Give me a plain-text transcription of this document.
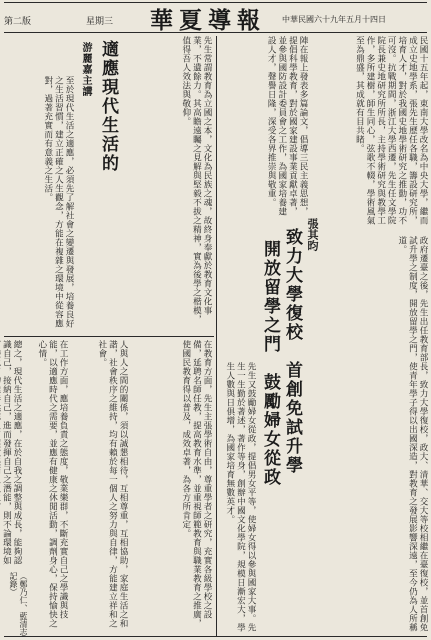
第二版	星期三 華夏導報 中華民國六十九年五月十四日
致力大學復校　首創免試升學
開放留學之門　鼓勵婦女從政
張其昀
民國十五年起，東南大學改名為中央大學，繼而成立史地學系，張先生歷任各職，籌設研究所，培育人才，對於我國史地學術研究之推動，功不可沒。抗戰期間，浙江大學西遷，先生任文學院院長兼史地研究所所長，主持學術研究與教學工作，多所建樹，師生同心，弦歌不輟，學術風氣至為鼎盛，其成就有目共睹。
陣在報上發表多篇論文，倡導三民主義思想，提倡科學教育，對於國家建設事業貢獻卓著，並參與國防設計委員會之工作，為國家培養建設人才，聲譽日隆，深受各界推崇與敬重。
政府遷臺之後，先生出任教育部長，致力大學復校，政大、清華、交大等校相繼在臺復校，並首創免試升學之制度，開放留學之門，使青年學子得以出國深造，對教育之發展影響深遠，至今仍為人所稱道。
先生又鼓勵婦女從政，提倡男女平等，使婦女得以參與國家大事。先生一生勤於著述，著作等身，創辦中國文化學院，規模日漸宏大，學生人數與日俱增，為國家培育無數英才。
在教育方面，先生主張學術自由，尊重學者之研究，充實各級學校之設備，延聘名師任教，提高教育水準，並重視師範教育與職業教育之推廣，使國民教育得以普及，成效卓著，為各方所肯定。
先生常謂教育為立國之本，文化為民族之魂，故終身奉獻於教育文化事業，不遺餘力。其高瞻遠矚之見解與堅毅不拔之精神，實為後學之楷模，值得吾人效法與敬仰。
適應現代生活的
游麗嘉主講
至於現代生活之適應，必須先了解社會之變遷與發展，培養良好之生活習慣，建立正確之人生觀念，方能在複雜之環境中從容應對，過著充實而有意義之生活。
人與人之間的關係，須以誠懇相待，互相尊重，互相協助，家庭生活之和諧，社會秩序之維持，均有賴於每一個人之努力與自律，方能建立祥和之社會。
在工作方面，應培養負責之態度，敬業樂群，不斷充實自己之學識與技能，以適應時代之需要，並應有健康之休閒活動，調劑身心，保持愉快之心情。
總之，現代生活之適應，在於自我之調整與成長，能夠認識自己，接納自己，進而發揮自己之潛能，則不論環境如
（鄭乃仁、藍清志記錄）
